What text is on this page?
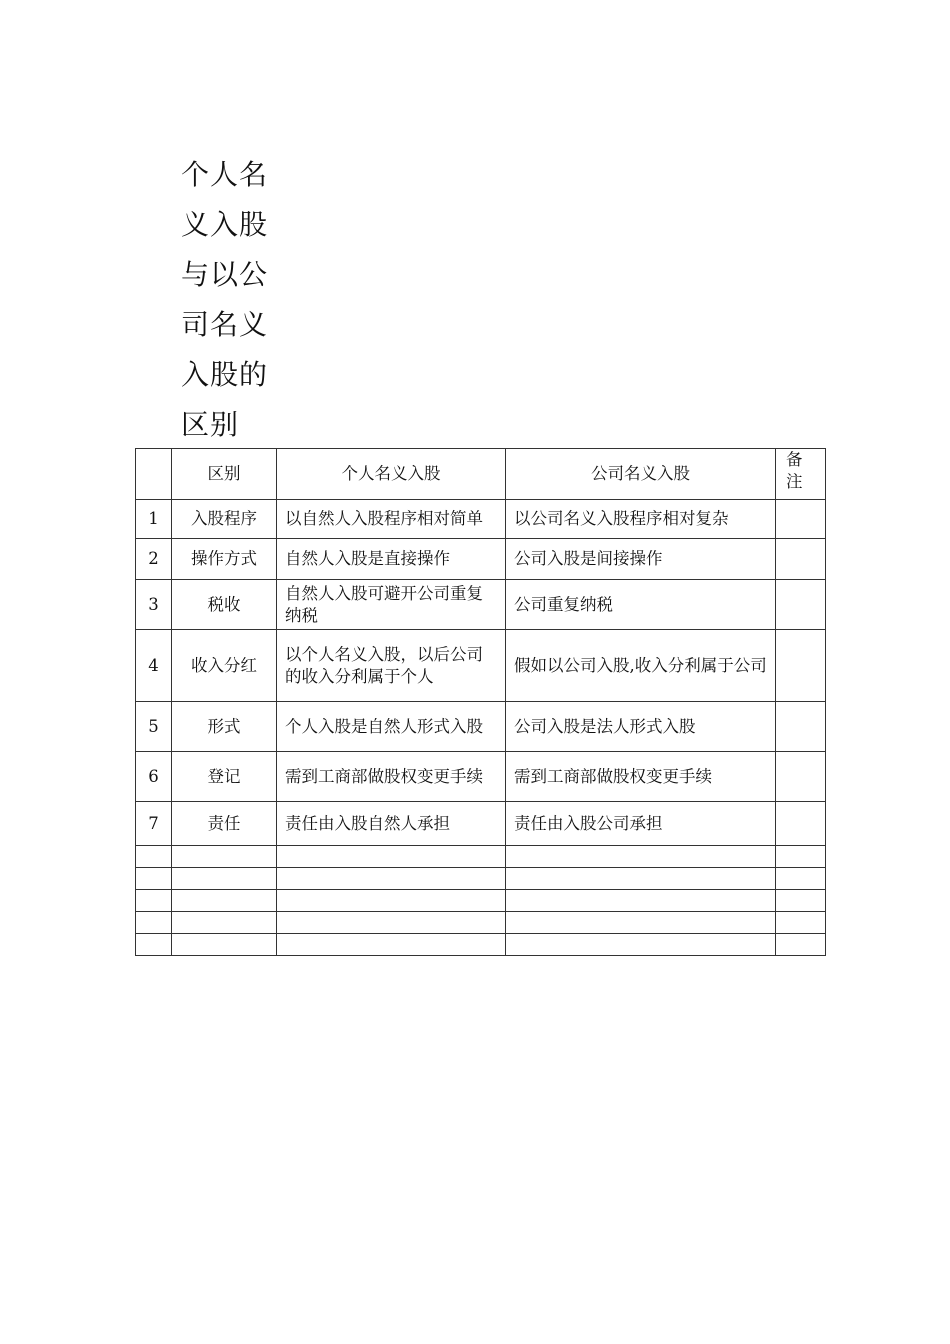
个人名
义入股
与以公
司名义
入股的
区别
	区别	个人名义入股	公司名义入股	备注
1	入股程序	以自然人入股程序相对简单	以公司名义入股程序相对复杂	
2	操作方式	自然人入股是直接操作	公司入股是间接操作	
3	税收	自然人入股可避开公司重复纳税	公司重复纳税	
4	收入分红	以个人名义入股，以后公司的收入分利属于个人	假如以公司入股,收入分利属于公司	
5	形式	个人入股是自然人形式入股	公司入股是法人形式入股	
6	登记	需到工商部做股权变更手续	需到工商部做股权变更手续	
7	责任	责任由入股自然人承担	责任由入股公司承担	
